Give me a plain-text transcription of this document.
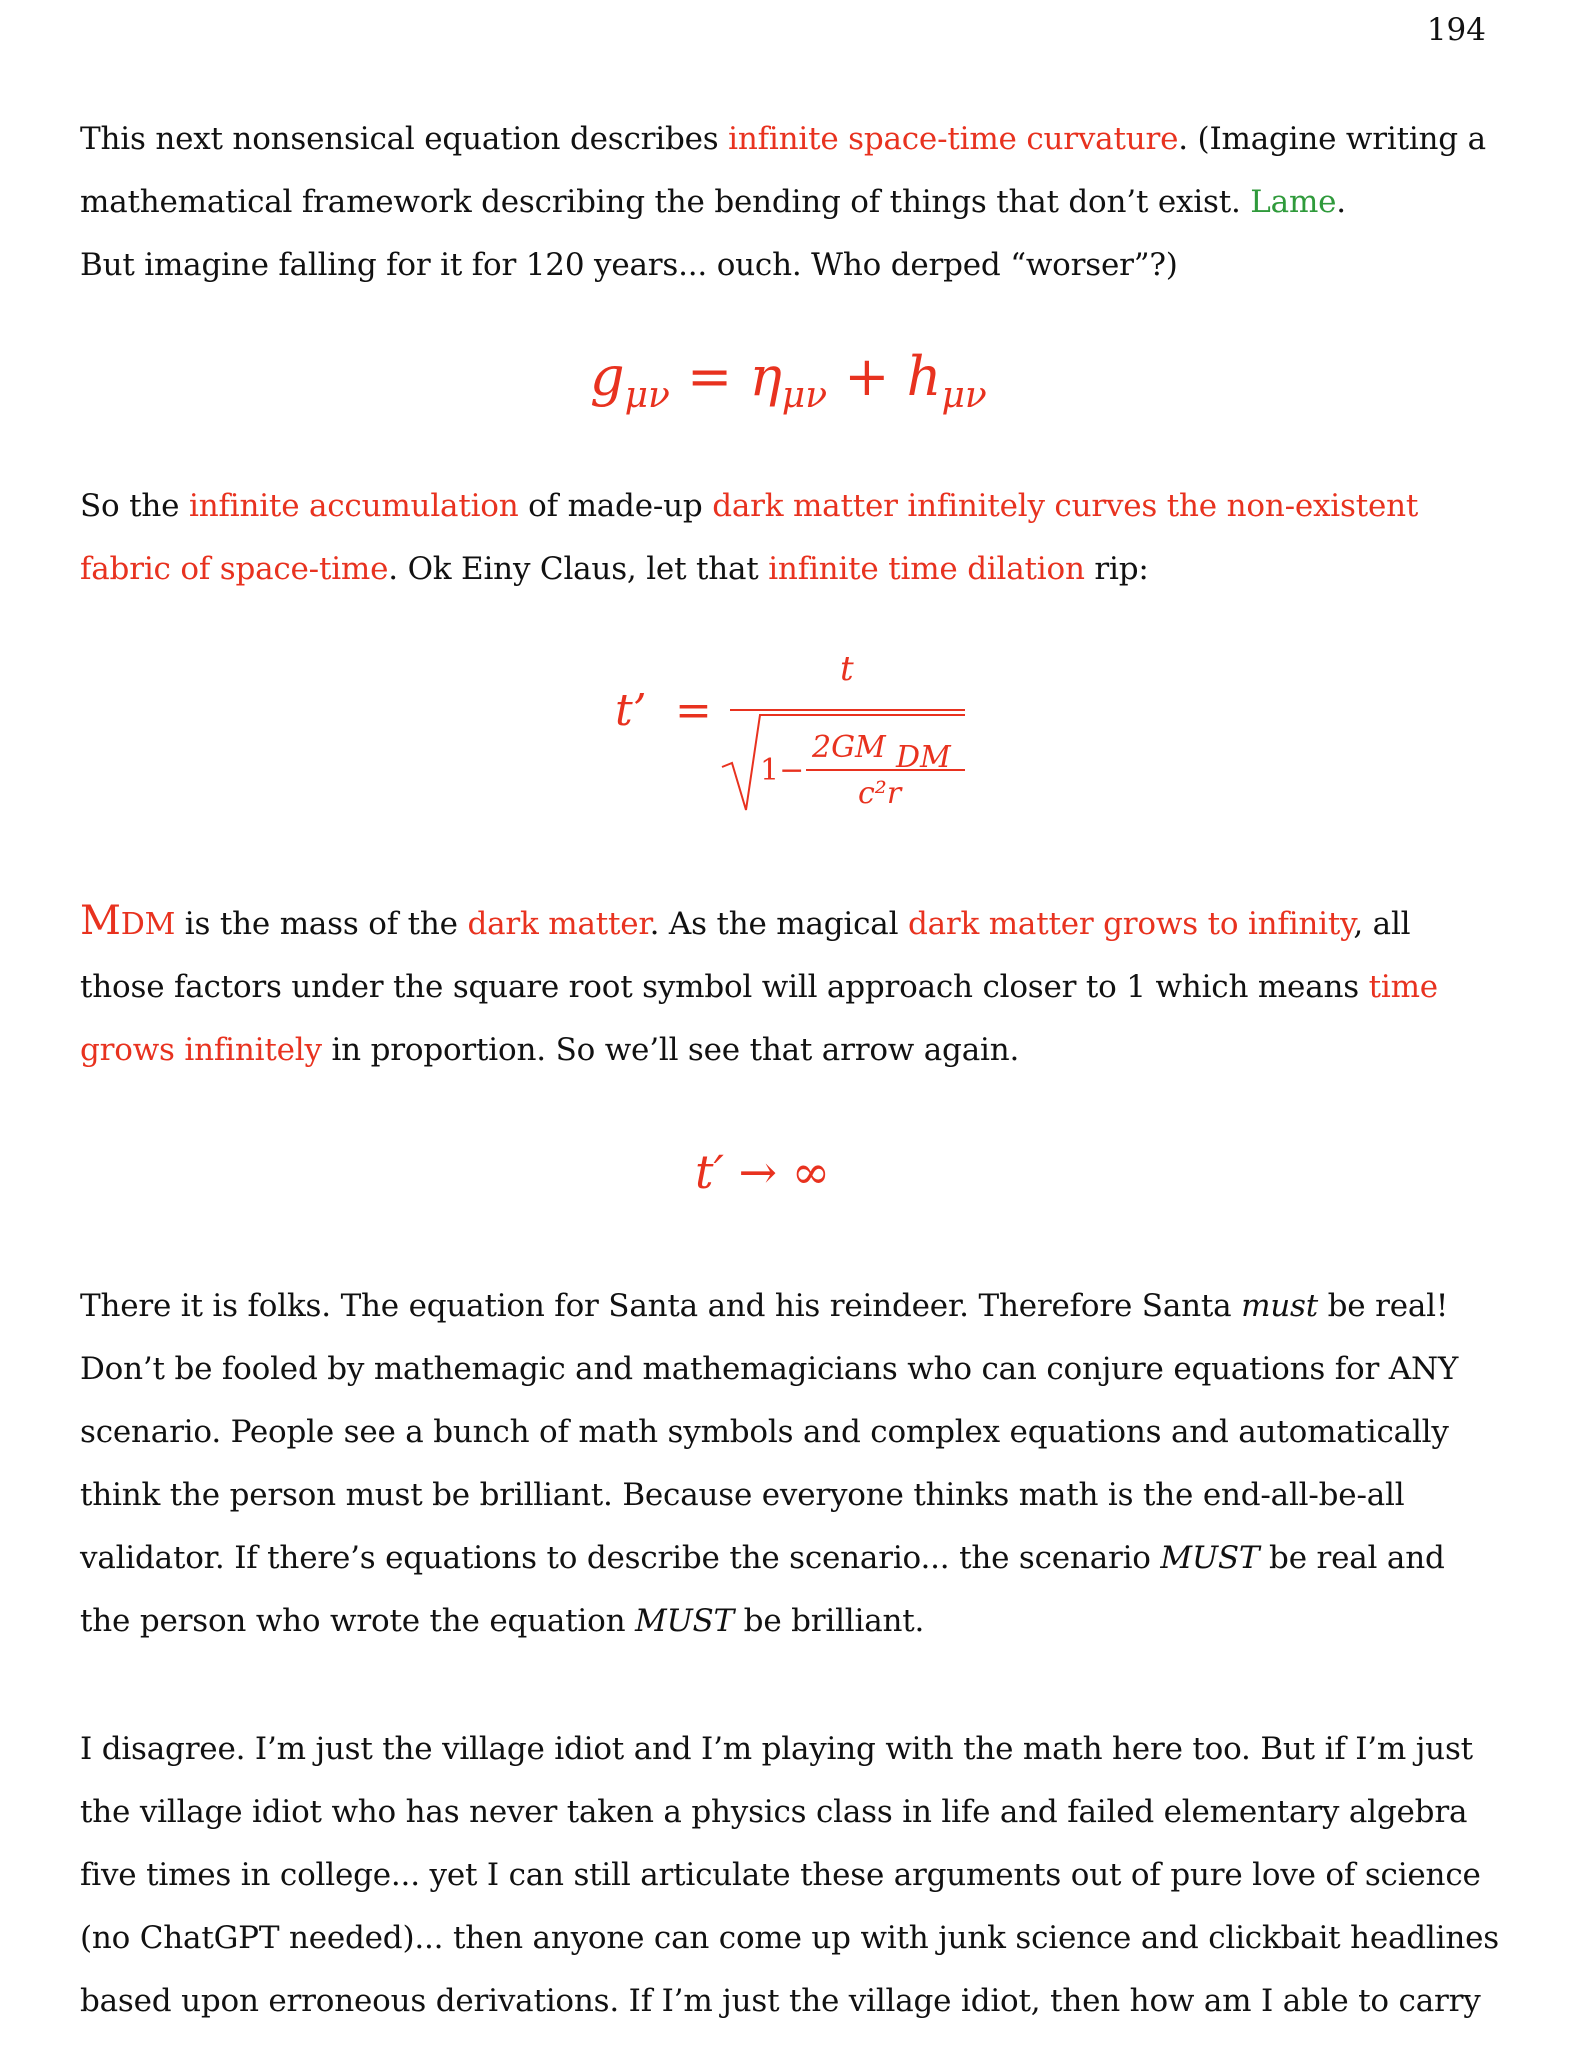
194

This next nonsensical equation describes infinite space-time curvature. (Imagine writing a mathematical framework describing the bending of things that don’t exist. Lame.
But imagine falling for it for 120 years... ouch. Who derped “worser”?)

$g_{\mu\nu} = \eta_{\mu\nu} + h_{\mu\nu}$

So the infinite accumulation of made-up dark matter infinitely curves the non-existent fabric of space-time. Ok Einy Claus, let that infinite time dilation rip:

t’ =
t
1−
2GM DM
c²r

MDM is the mass of the dark matter. As the magical dark matter grows to infinity, all those factors under the square root symbol will approach closer to 1 which means time grows infinitely in proportion. So we’ll see that arrow again.

t′ → ∞

There it is folks. The equation for Santa and his reindeer. Therefore Santa must be real! Don’t be fooled by mathemagic and mathemagicians who can conjure equations for ANY scenario. People see a bunch of math symbols and complex equations and automatically think the person must be brilliant. Because everyone thinks math is the end-all-be-all validator. If there’s equations to describe the scenario... the scenario MUST be real and the person who wrote the equation MUST be brilliant.

I disagree. I’m just the village idiot and I’m playing with the math here too. But if I’m just the village idiot who has never taken a physics class in life and failed elementary algebra five times in college... yet I can still articulate these arguments out of pure love of science (no ChatGPT needed)... then anyone can come up with junk science and clickbait headlines based upon erroneous derivations. If I’m just the village idiot, then how am I able to carry
